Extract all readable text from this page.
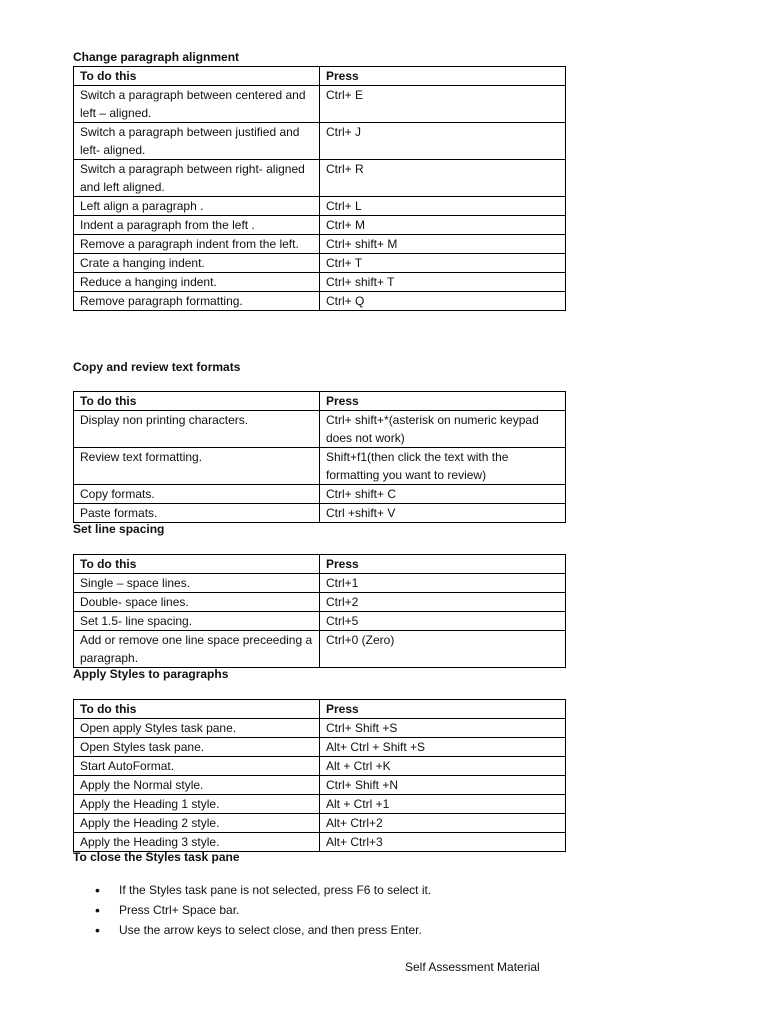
Change paragraph alignment
To do this	Press
Switch a paragraph between centered and left – aligned.	Ctrl+ E
Switch a paragraph between justified and left- aligned.	Ctrl+ J
Switch a paragraph between right- aligned and left aligned.	Ctrl+ R
Left align a paragraph .	Ctrl+ L
Indent a paragraph from the left .	Ctrl+ M
Remove a paragraph indent from the left.	Ctrl+ shift+ M
Crate a hanging indent.	Ctrl+ T
Reduce a hanging indent.	Ctrl+ shift+ T
Remove paragraph formatting.	Ctrl+ Q
Copy and review text formats
To do this	Press
Display non printing characters.	Ctrl+ shift+*(asterisk on numeric keypad does not work)
Review text formatting.	Shift+f1(then click the text with the formatting you want to review)
Copy formats.	Ctrl+ shift+ C
Paste formats.	Ctrl +shift+ V
Set line spacing
To do this	Press
Single – space lines.	Ctrl+1
Double- space lines.	Ctrl+2
Set 1.5- line spacing.	Ctrl+5
Add or remove one line space preceeding a paragraph.	Ctrl+0 (Zero)
Apply Styles to paragraphs
To do this	Press
Open apply Styles task pane.	Ctrl+ Shift +S
Open Styles task pane.	Alt+ Ctrl + Shift +S
Start AutoFormat.	Alt + Ctrl +K
Apply the Normal style.	Ctrl+ Shift +N
Apply the Heading 1 style.	Alt + Ctrl +1
Apply the Heading 2 style.	Alt+ Ctrl+2
Apply the Heading 3 style.	Alt+ Ctrl+3
To close the Styles task pane
• If the Styles task pane is not selected, press F6 to select it.
• Press Ctrl+ Space bar.
• Use the arrow keys to select close, and then press Enter.
Self Assessment Material
